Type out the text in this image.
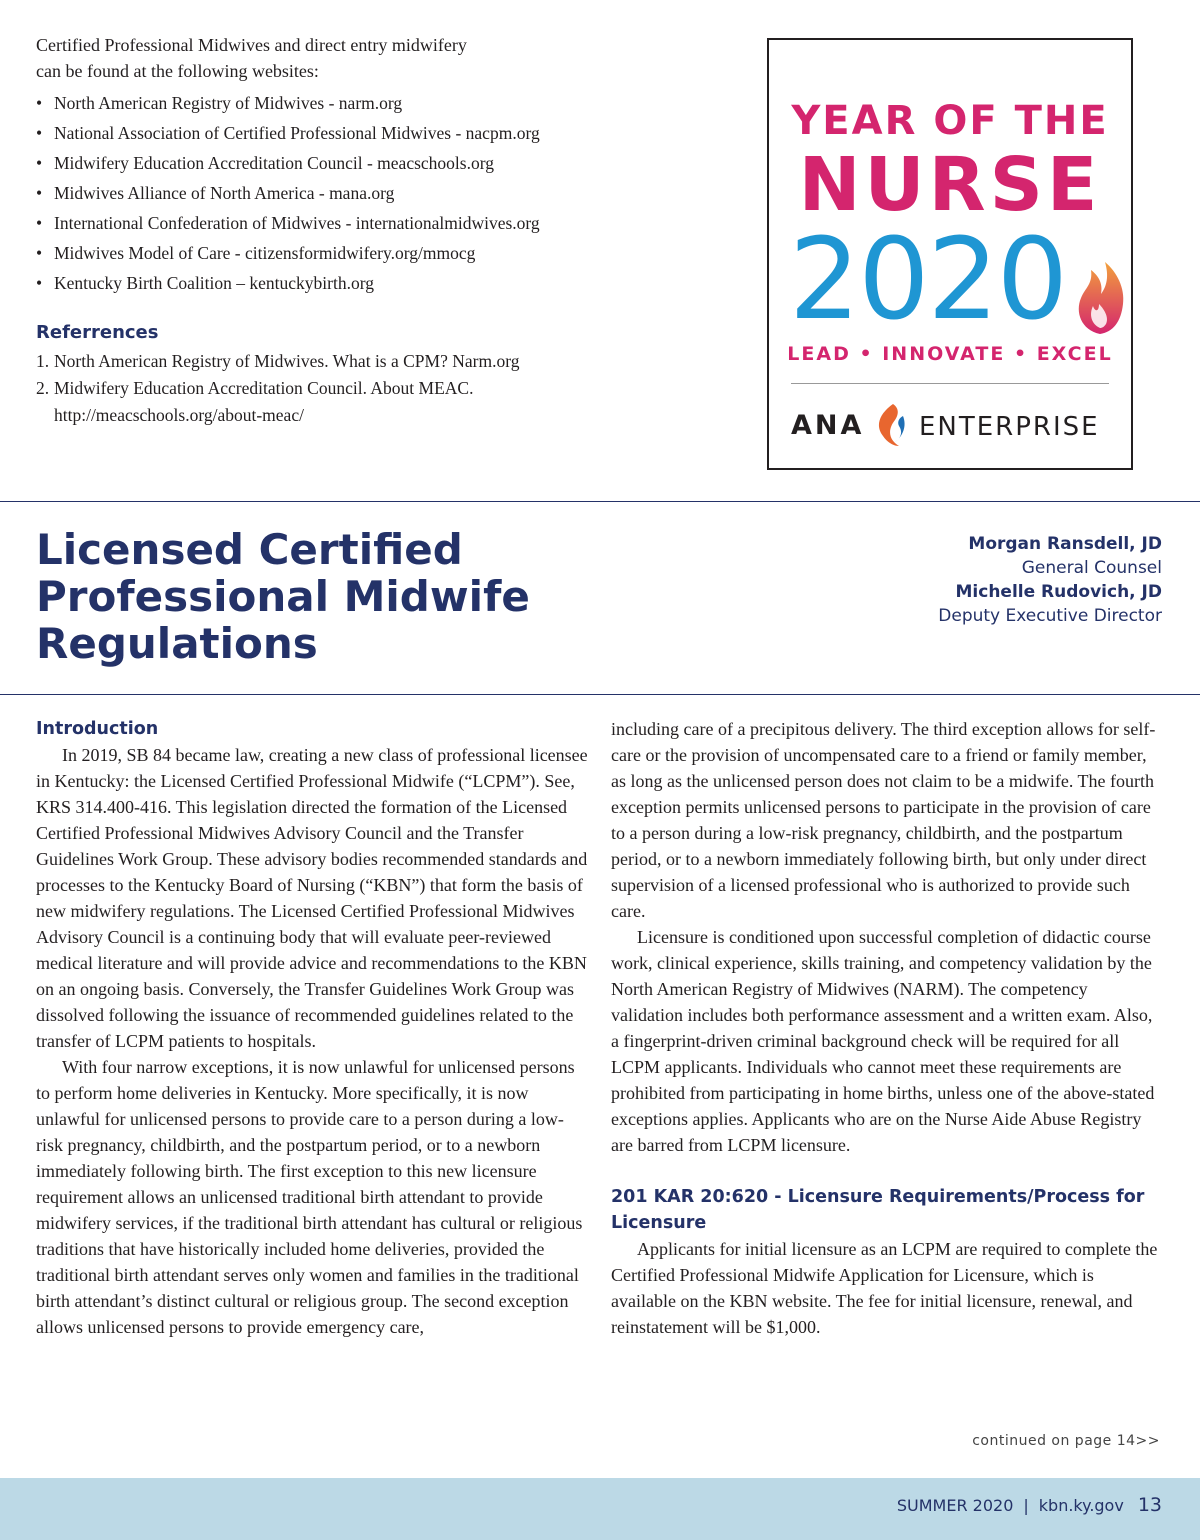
Certified Professional Midwives and direct entry midwifery

can be found at the following websites:

• North American Registry of Midwives - narm.org
• National Association of Certified Professional Midwives - nacpm.org
• Midwifery Education Accreditation Council - meacschools.org
• Midwives Alliance of North America - mana.org
• International Confederation of Midwives - internationalmidwives.org
• Midwives Model of Care - citizensformidwifery.org/mmocg
• Kentucky Birth Coalition – kentuckybirth.org
Referrences
1. North American Registry of Midwives. What is a CPM? Narm.org
2. Midwifery Education Accreditation Council. About MEAC. http://meacschools.org/about-meac/
YEAR OF THE
NURSE
2020
LEAD • INNOVATE • EXCEL
ANA ENTERPRISE
Licensed Certified Professional Midwife Regulations
Morgan Ransdell, JD
General Counsel
Michelle Rudovich, JD
Deputy Executive Director
Introduction

In 2019, SB 84 became law, creating a new class of professional licensee in Kentucky: the Licensed Certified Professional Midwife (“LCPM”). See, KRS 314.400-416. This legislation directed the formation of the Licensed Certified Professional Midwives Advisory Council and the Transfer Guidelines Work Group. These advisory bodies recommended standards and processes to the Kentucky Board of Nursing (“KBN”) that form the basis of new midwifery regulations. The Licensed Certified Professional Midwives Advisory Council is a continuing body that will evaluate peer-reviewed medical literature and will provide advice and recommendations to the KBN on an ongoing basis. Conversely, the Transfer Guidelines Work Group was dissolved following the issuance of recommended guidelines related to the transfer of LCPM patients to hospitals.

With four narrow exceptions, it is now unlawful for unlicensed persons to perform home deliveries in Kentucky. More specifically, it is now unlawful for unlicensed persons to provide care to a person during a low-risk pregnancy, childbirth, and the postpartum period, or to a newborn immediately following birth. The first exception to this new licensure requirement allows an unlicensed traditional birth attendant to provide midwifery services, if the traditional birth attendant has cultural or religious traditions that have historically included home deliveries, provided the traditional birth attendant serves only women and families in the traditional birth attendant’s distinct cultural or religious group. The second exception allows unlicensed persons to provide emergency care,

including care of a precipitous delivery. The third exception allows for self-care or the provision of uncompensated care to a friend or family member, as long as the unlicensed person does not claim to be a midwife. The fourth exception permits unlicensed persons to participate in the provision of care to a person during a low-risk pregnancy, childbirth, and the postpartum period, or to a newborn immediately following birth, but only under direct supervision of a licensed professional who is authorized to provide such care.

Licensure is conditioned upon successful completion of didactic course work, clinical experience, skills training, and competency validation by the North American Registry of Midwives (NARM). The competency validation includes both performance assessment and a written exam. Also, a fingerprint-driven criminal background check will be required for all LCPM applicants. Individuals who cannot meet these requirements are prohibited from participating in home births, unless one of the above-stated exceptions applies. Applicants who are on the Nurse Aide Abuse Registry are barred from LCPM licensure.

201 KAR 20:620 - Licensure Requirements/Process for Licensure

Applicants for initial licensure as an LCPM are required to complete the Certified Professional Midwife Application for Licensure, which is available on the KBN website. The fee for initial licensure, renewal, and reinstatement will be $1,000.

continued on page 14>>
SUMMER 2020 | kbn.ky.gov 13
